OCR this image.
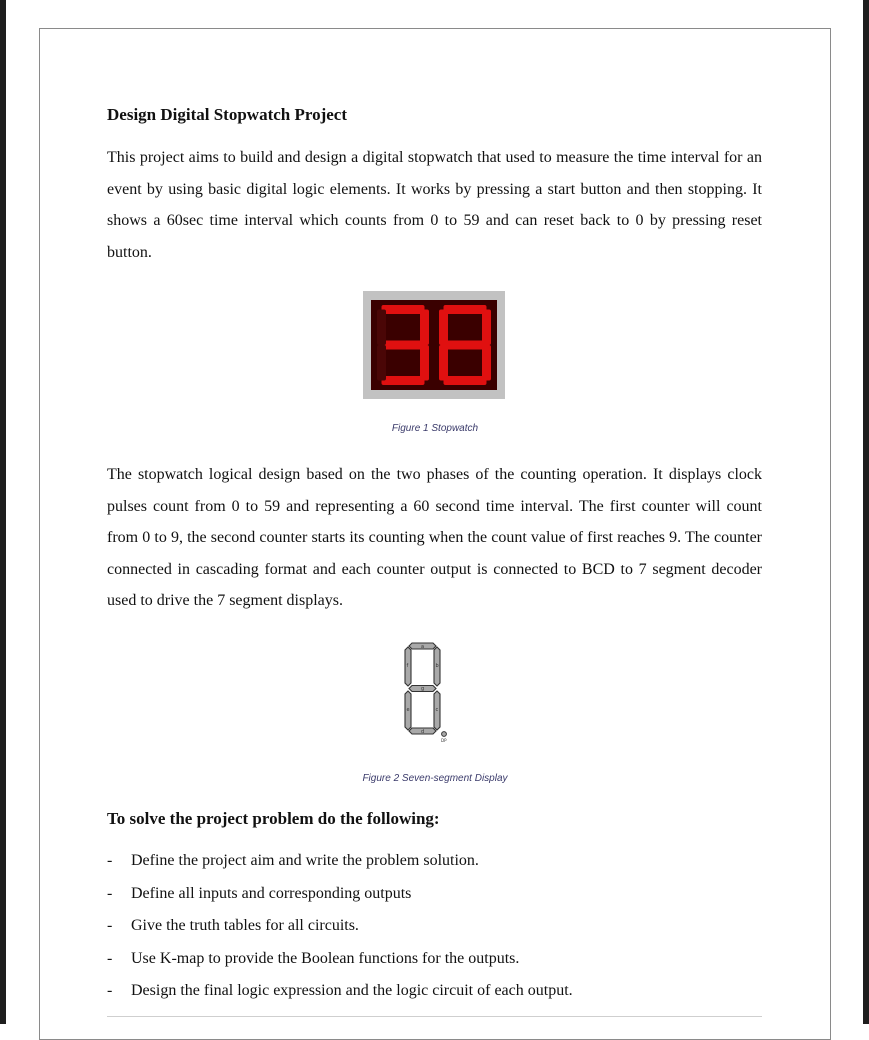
Design Digital Stopwatch Project

This project aims to build and design a digital stopwatch that used to measure the time interval for an event by using basic digital logic elements. It works by pressing a start button and then stopping. It shows a 60sec time interval which counts from 0 to 59 and can reset back to 0 by pressing reset button.

Figure 1 Stopwatch

The stopwatch logical design based on the two phases of the counting operation. It displays clock pulses count from 0 to 59 and representing a 60 second time interval. The first counter will count from 0 to 9, the second counter starts its counting when the count value of first reaches 9. The counter connected in cascading format and each counter output is connected to BCD to 7 segment decoder used to drive the 7 segment displays.

a
b
c
d
e
f
g
DP
Figure 2 Seven-segment Display
To solve the project problem do the following:
- Define the project aim and write the problem solution.
- Define all inputs and corresponding outputs
- Give the truth tables for all circuits.
- Use K-map to provide the Boolean functions for the outputs.
- Design the final logic expression and the logic circuit of each output.
